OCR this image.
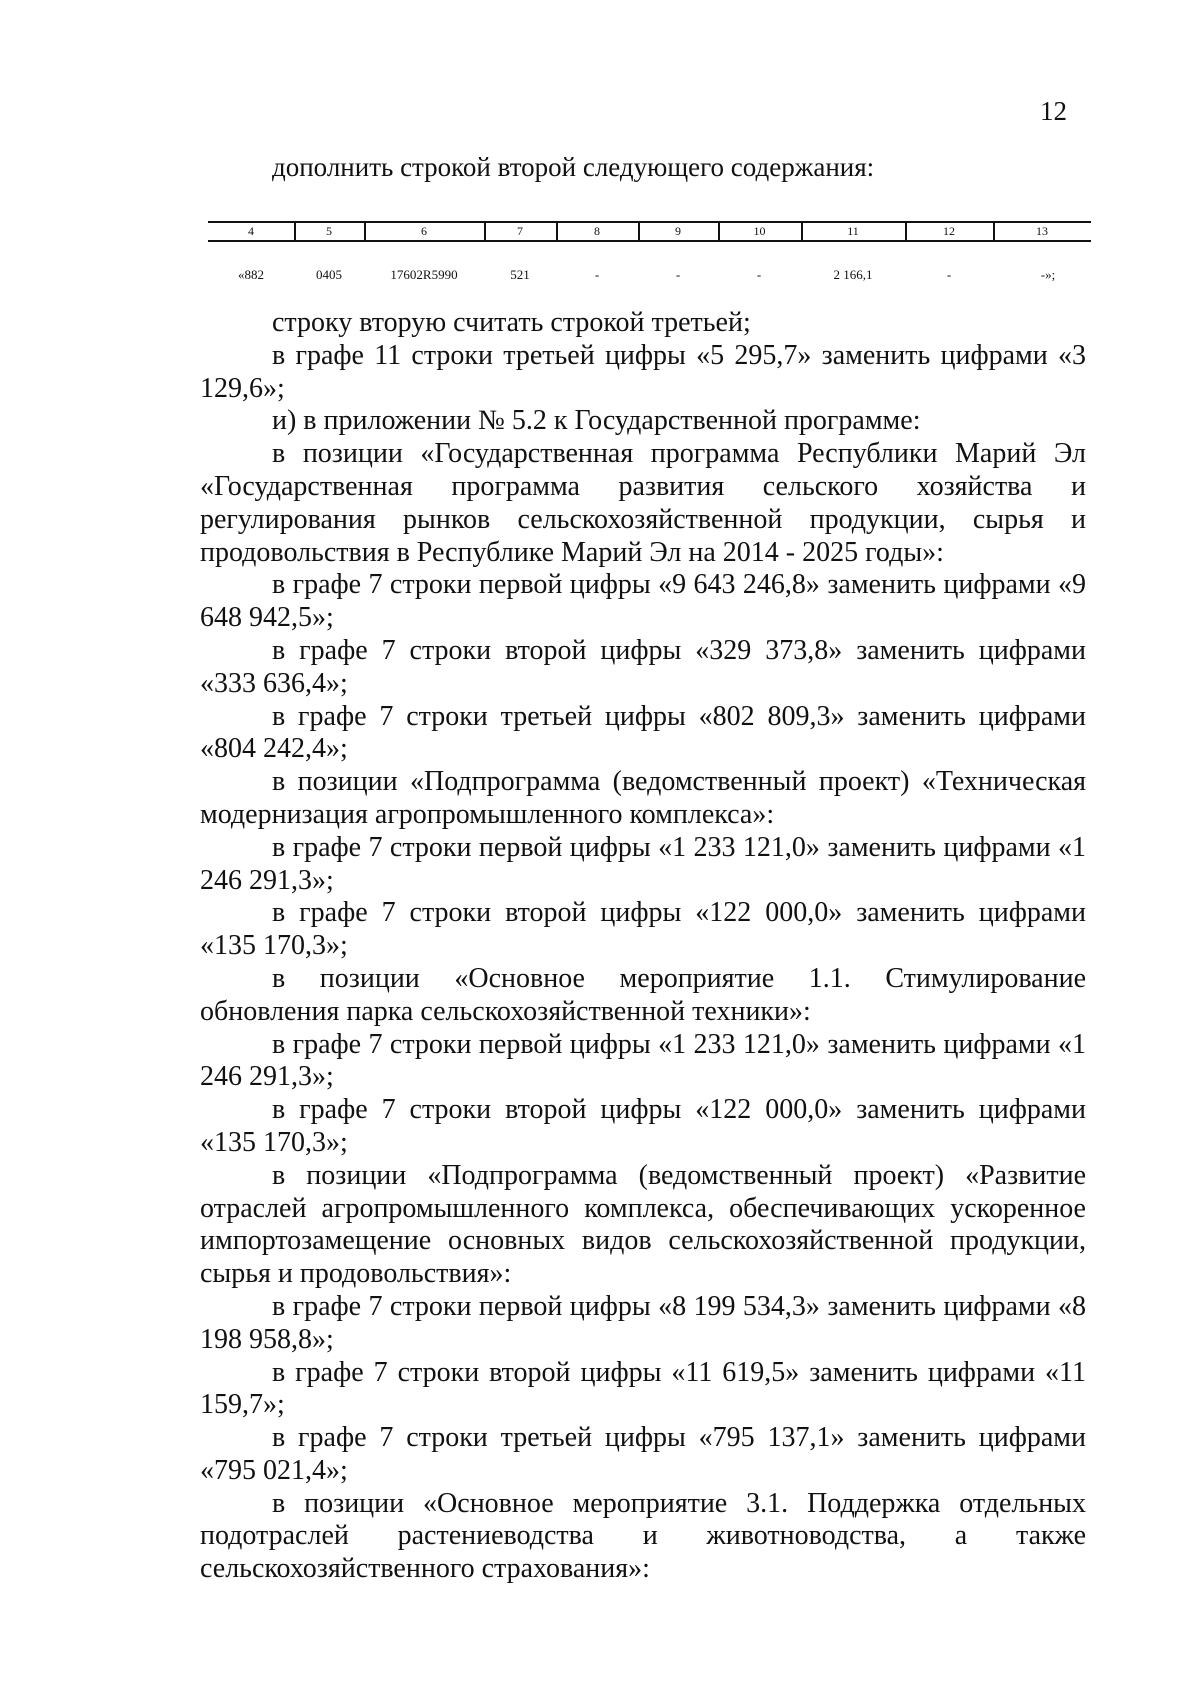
12
дополнить строкой второй следующего содержания:
4	5	6	7	8	9	10	11	12	13
«882	0405	17602R5990	521	-	-	-	2 166,1	-	-»;

строку вторую считать строкой третьей;

в графе 11 строки третьей цифры «5 295,7» заменить цифрами «3 129,6»;

и) в приложении № 5.2 к Государственной программе:

в позиции «Государственная программа Республики Марий Эл «Государственная программа развития сельского хозяйства и регулирования рынков сельскохозяйственной продукции, сырья и продовольствия в Республике Марий Эл на 2014 - 2025 годы»:

в графе 7 строки первой цифры «9 643 246,8» заменить цифрами «9 648 942,5»;

в графе 7 строки второй цифры «329 373,8» заменить цифрами «333 636,4»;

в графе 7 строки третьей цифры «802 809,3» заменить цифрами «804 242,4»;

в позиции «Подпрограмма (ведомственный проект) «Техническая модернизация агропромышленного комплекса»:

в графе 7 строки первой цифры «1 233 121,0» заменить цифрами «1 246 291,3»;

в графе 7 строки второй цифры «122 000,0» заменить цифрами «135 170,3»;

в позиции «Основное мероприятие 1.1. Стимулирование обновления парка сельскохозяйственной техники»:

в графе 7 строки первой цифры «1 233 121,0» заменить цифрами «1 246 291,3»;

в графе 7 строки второй цифры «122 000,0» заменить цифрами «135 170,3»;

в позиции «Подпрограмма (ведомственный проект) «Развитие отраслей агропромышленного комплекса, обеспечивающих ускоренное импортозамещение основных видов сельскохозяйственной продукции, сырья и продовольствия»:

в графе 7 строки первой цифры «8 199 534,3» заменить цифрами «8 198 958,8»;

в графе 7 строки второй цифры «11 619,5» заменить цифрами «11 159,7»;

в графе 7 строки третьей цифры «795 137,1» заменить цифрами «795 021,4»;

в позиции «Основное мероприятие 3.1. Поддержка отдельных подотраслей растениеводства и животноводства, а также сельскохозяйственного страхования»:
